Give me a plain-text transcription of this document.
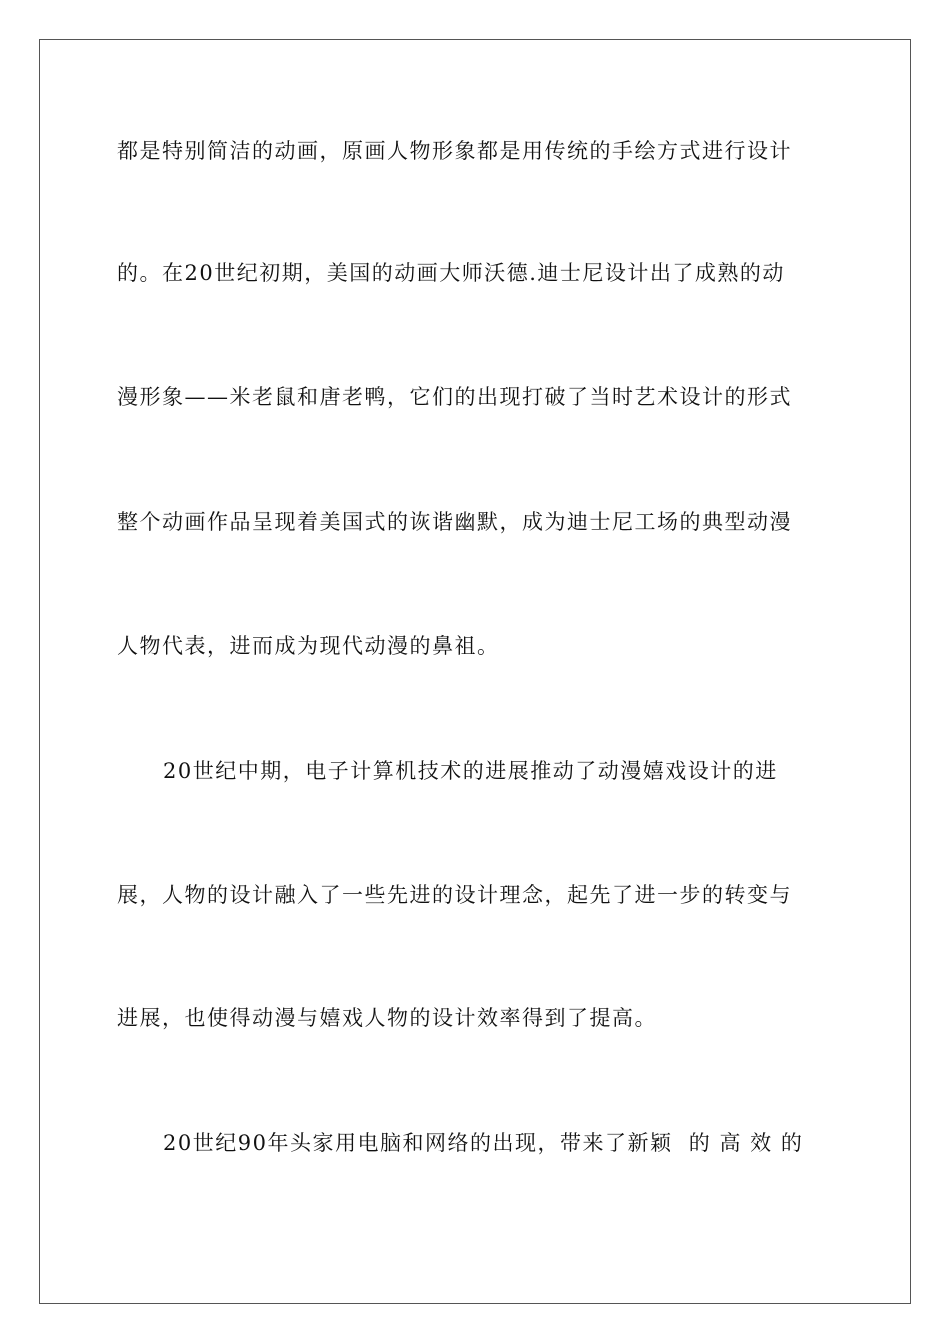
都是特别简洁的动画，原画人物形象都是用传统的手绘方式进行设计
的。在20世纪初期，美国的动画大师沃德.迪士尼设计出了成熟的动
漫形象——米老鼠和唐老鸭，它们的出现打破了当时艺术设计的形式
整个动画作品呈现着美国式的诙谐幽默，成为迪士尼工场的典型动漫
人物代表，进而成为现代动漫的鼻祖。
20世纪中期，电子计算机技术的进展推动了动漫嬉戏设计的进
展，人物的设计融入了一些先进的设计理念，起先了进一步的转变与
进展，也使得动漫与嬉戏人物的设计效率得到了提高。
20世纪90年头家用电脑和网络的出现，带来了新颖  的 高 效 的
